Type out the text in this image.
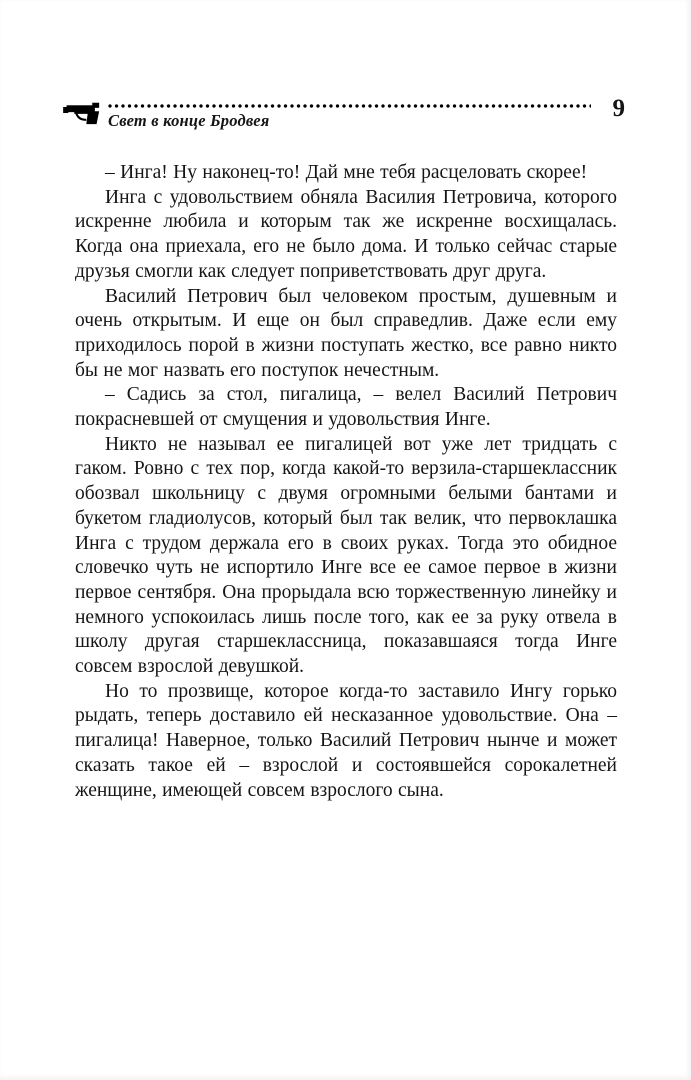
Свет в конце Бродвея	9

– Инга! Ну наконец-то! Дай мне тебя расцеловать скорее!

Инга с удовольствием обняла Василия Петровича, которого искренне любила и которым так же искренне восхищалась. Когда она приехала, его не было дома. И только сейчас старые друзья смогли как следует поприветствовать друг друга.

Василий Петрович был человеком простым, душевным и очень открытым. И еще он был справедлив. Даже если ему приходилось порой в жизни поступать жестко, все равно никто бы не мог назвать его поступок нечестным.

– Садись за стол, пигалица, – велел Василий Петрович покрасневшей от смущения и удовольствия Инге.

Никто не называл ее пигалицей вот уже лет тридцать с гаком. Ровно с тех пор, когда какой-то верзила-старшеклассник обозвал школьницу с двумя огромными белыми бантами и букетом гладиолусов, который был так велик, что первоклашка Инга с трудом держала его в своих руках. Тогда это обидное словечко чуть не испортило Инге все ее самое первое в жизни первое сентября. Она прорыдала всю торжественную линейку и немного успокоилась лишь после того, как ее за руку отвела в школу другая старшеклассница, показавшаяся тогда Инге совсем взрослой девушкой.

Но то прозвище, которое когда-то заставило Ингу горько рыдать, теперь доставило ей несказанное удовольствие. Она – пигалица! Наверное, только Василий Петрович нынче и может сказать такое ей – взрослой и состоявшейся сорокалетней женщине, имеющей совсем взрослого сына.
